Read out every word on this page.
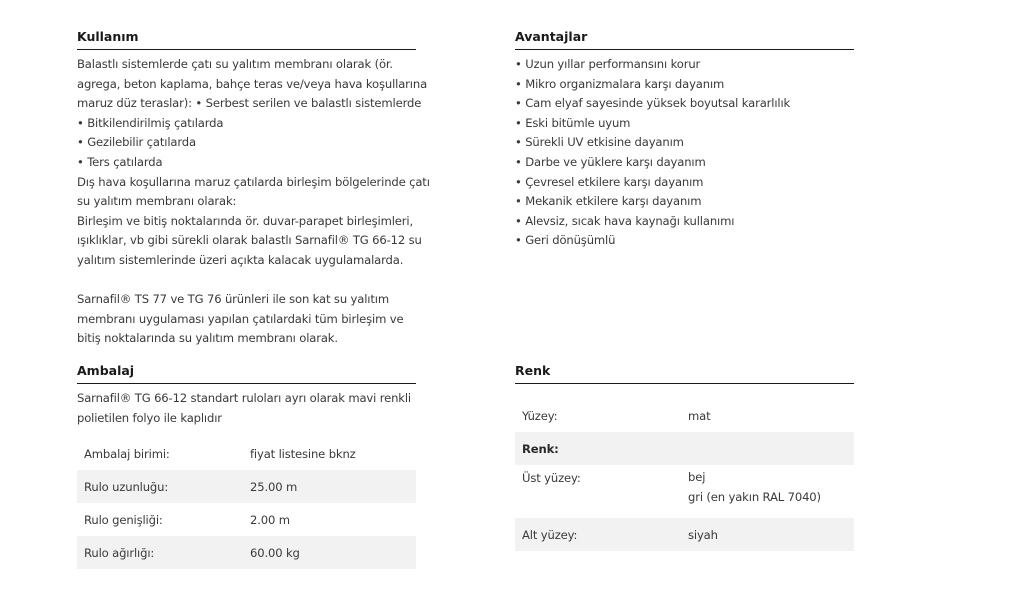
Kullanım
Balastlı sistemlerde çatı su yalıtım membranı olarak (ör.
agrega, beton kaplama, bahçe teras ve/veya hava koşullarına
maruz düz teraslar): • Serbest serilen ve balastlı sistemlerde
• Bitkilendirilmiş çatılarda
• Gezilebilir çatılarda
• Ters çatılarda
Dış hava koşullarına maruz çatılarda birleşim bölgelerinde çatı
su yalıtım membranı olarak:
Birleşim ve bitiş noktalarında ör. duvar-parapet birleşimleri,
ışıklıklar, vb gibi sürekli olarak balastlı Sarnafil® TG 66-12 su
yalıtım sistemlerinde üzeri açıkta kalacak uygulamalarda.
Sarnafil® TS 77 ve TG 76 ürünleri ile son kat su yalıtım
membranı uygulaması yapılan çatılardaki tüm birleşim ve
bitiş noktalarında su yalıtım membranı olarak.
Avantajlar
• Uzun yıllar performansını korur
• Mikro organizmalara karşı dayanım
• Cam elyaf sayesinde yüksek boyutsal kararlılık
• Eski bitümle uyum
• Sürekli UV etkisine dayanım
• Darbe ve yüklere karşı dayanım
• Çevresel etkilere karşı dayanım
• Mekanik etkilere karşı dayanım
• Alevsiz, sıcak hava kaynağı kullanımı
• Geri dönüşümlü
Ambalaj
Sarnafil® TG 66-12 standart ruloları ayrı olarak mavi renkli
polietilen folyo ile kaplıdır
Ambalaj birimi:	fiyat listesine bknz
Rulo uzunluğu:	25.00 m
Rulo genişliği:	2.00 m
Rulo ağırlığı:	60.00 kg
Renk
Yüzey:	mat
Renk:	
Üst yüzey:	bej
gri (en yakın RAL 7040)

Alt yüzey:	siyah
